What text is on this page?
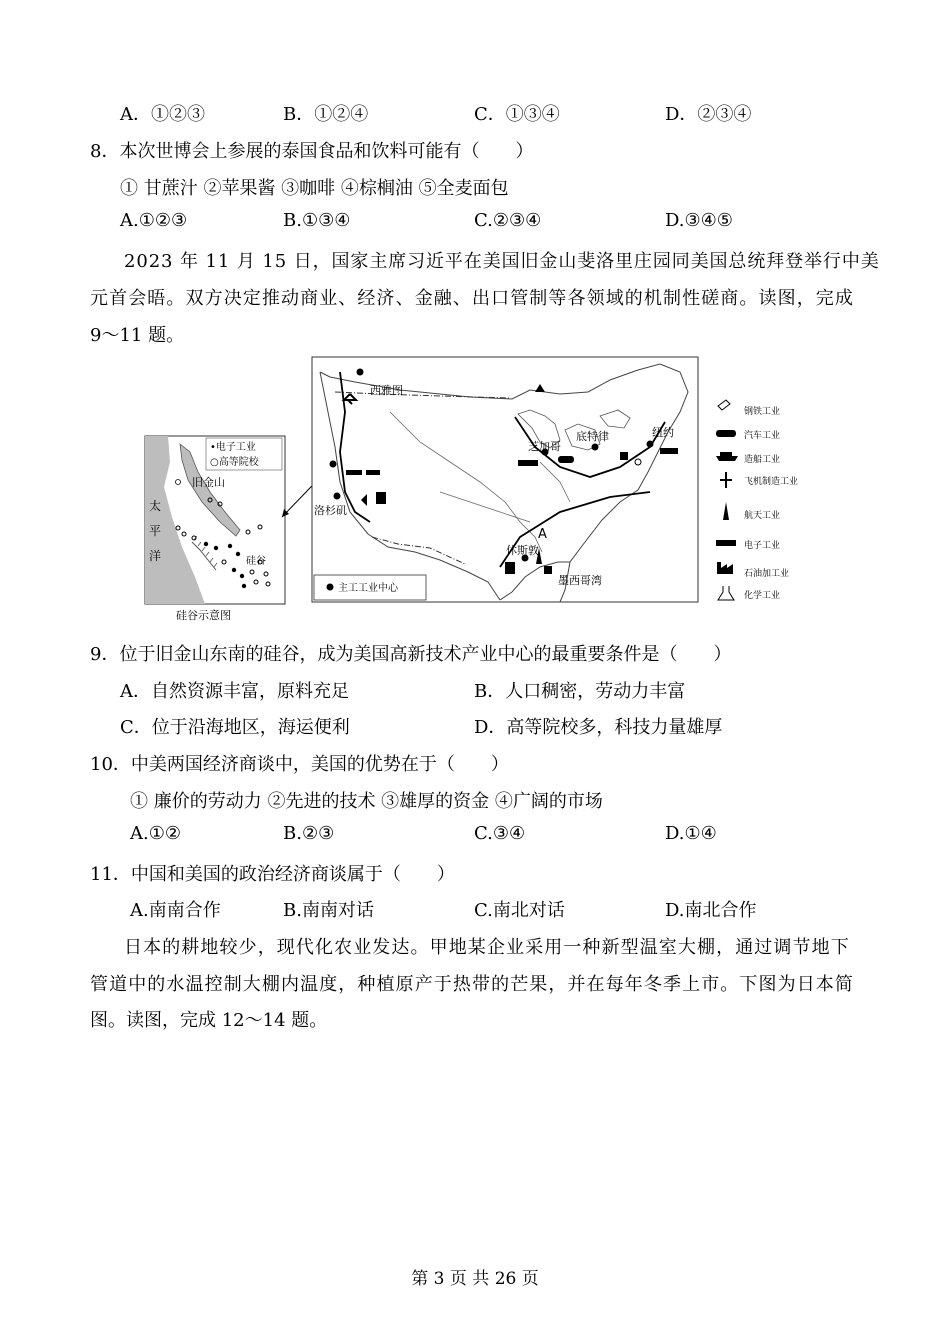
A．①②③	B．①②④	C．①③④	D．②③④
8．本次世博会上参展的泰国食品和饮料可能有（　　）
① 甘蔗汁 ②苹果酱 ③咖啡 ④棕榈油 ⑤全麦面包
A.①②③	B.①③④	C.②③④	D.③④⑤
2023 年 11 月 15 日，国家主席习近平在美国旧金山斐洛里庄园同美国总统拜登举行中美
元首会晤。双方决定推动商业、经济、金融、出口管制等各领域的机制性磋商。读图，完成
9～11 题。
•电子工业
○高等院校
旧金山
太
平
洋	硅谷
硅谷示意图
西雅图
芝加哥
底特律	纽约
洛杉矶
休斯敦
墨西哥湾
A
主工工业中心
钢铁工业
汽车工业
造船工业
飞机制造工业
航天工业
电子工业
石油加工业
化学工业
9．位于旧金山东南的硅谷，成为美国高新技术产业中心的最重要条件是（　　）
A．自然资源丰富，原料充足	B．人口稠密，劳动力丰富
C．位于沿海地区，海运便利	D．高等院校多，科技力量雄厚
10．中美两国经济商谈中，美国的优势在于（　　）
① 廉价的劳动力 ②先进的技术 ③雄厚的资金 ④广阔的市场
A.①②	B.②③	C.③④	D.①④
11．中国和美国的政治经济商谈属于（　　）
A.南南合作	B.南南对话	C.南北对话	D.南北合作
日本的耕地较少，现代化农业发达。甲地某企业采用一种新型温室大棚，通过调节地下
管道中的水温控制大棚内温度，种植原产于热带的芒果，并在每年冬季上市。下图为日本简
图。读图，完成 12～14 题。
第 3 页 共 26 页
